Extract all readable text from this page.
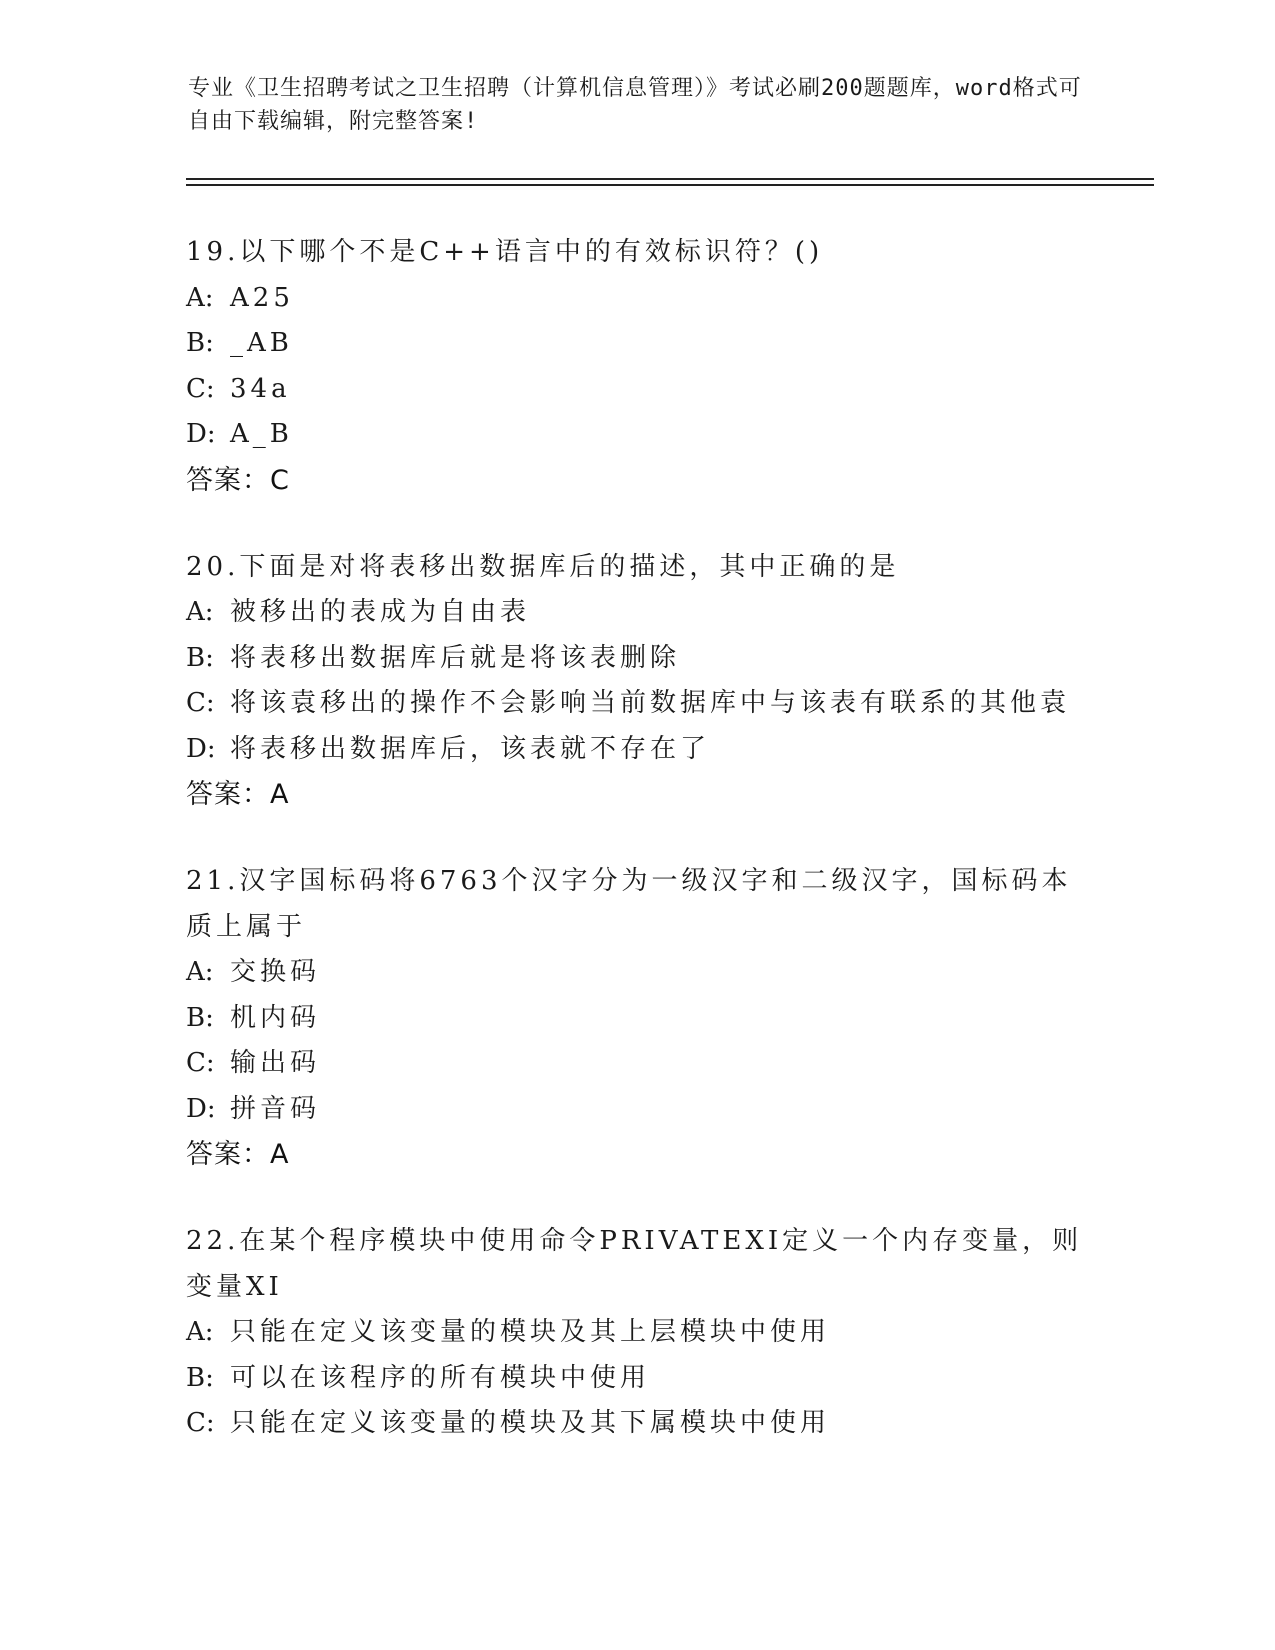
专业《卫生招聘考试之卫生招聘（计算机信息管理）》考试必刷200题题库，word格式可自由下载编辑，附完整答案!
19.以下哪个不是C++语言中的有效标识符？()
A: A25
B: _AB
C: 34a
D: A_B
答案：C
20.下面是对将表移出数据库后的描述，其中正确的是
A: 被移出的表成为自由表
B: 将表移出数据库后就是将该表删除
C: 将该袁移出的操作不会影响当前数据库中与该表有联系的其他袁
D: 将表移出数据库后，该表就不存在了
答案：A
21.汉字国标码将6763个汉字分为一级汉字和二级汉字，国标码本质上属于
A: 交换码
B: 机内码
C: 输出码
D: 拼音码
答案：A
22.在某个程序模块中使用命令PRIVATEXI定义一个内存变量，则变量XI
A: 只能在定义该变量的模块及其上层模块中使用
B: 可以在该程序的所有模块中使用
C: 只能在定义该变量的模块及其下属模块中使用
